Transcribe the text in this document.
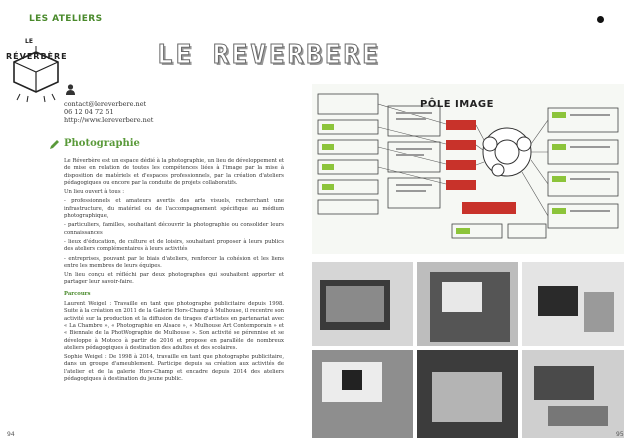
LES ATELIERS
LE
RÉVERBÈRE	LE REVERBERE
contact@lereverbere.net
06 12 04 72 51
http://www.lereverbere.net
Photographie

Le Réverbère est un espace dédié à la photographie, un lieu de développement et de mise en relation de toutes les compétences liées à l'image par la mise à disposition de matériels et d'espaces professionnels, par la création d'ateliers pédagogiques ou encore par la conduite de projets collaboratifs.

Un lieu ouvert à tous :

- professionnels et amateurs avertis des arts visuels, recherchant une infrastructure, du matériel ou de l'accompagnement spécifique au médium photographique,

- particuliers, familles, souhaitant découvrir la photographie ou consolider leurs connaissances

- lieux d'éducation, de culture et de loisirs, souhaitant proposer à leurs publics des ateliers complémentaires à leurs activités

- entreprises, pouvant par le biais d'ateliers, renforcer la cohésion et les liens entre les membres de leurs équipes.

Un lieu conçu et réfléchi par deux photographes qui souhaitent apporter et partager leur savoir-faire.

Parcours

Laurent Weigel : Travaille en tant que photographe publicitaire depuis 1998. Suite à la création en 2011 de la Galerie Hors-Champ à Mulhouse, il recentre son activité sur la production et la diffusion de tirages d'artistes en partenariat avec « La Chambre », « Photographie en Alsace », « Mulhouse Art Contemporain » et « Biennale de la PhotWographie de Mulhouse ». Son activité se pérennise et se développe à Motoco à partir de 2016 et propose en parallèle de nombreux ateliers pédagogiques à destination des adultes et des scolaires.

Sophie Weigel : De 1998 à 2014, travaille en tant que photographe publicitaire, dans un groupe d'ameublement. Participe depuis sa création aux activités de l'atelier et de la galerie Hors-Champ et encadre depuis 2014 des ateliers pédagogiques à destination du jeune public.

PÔLE IMAGE
94	95
